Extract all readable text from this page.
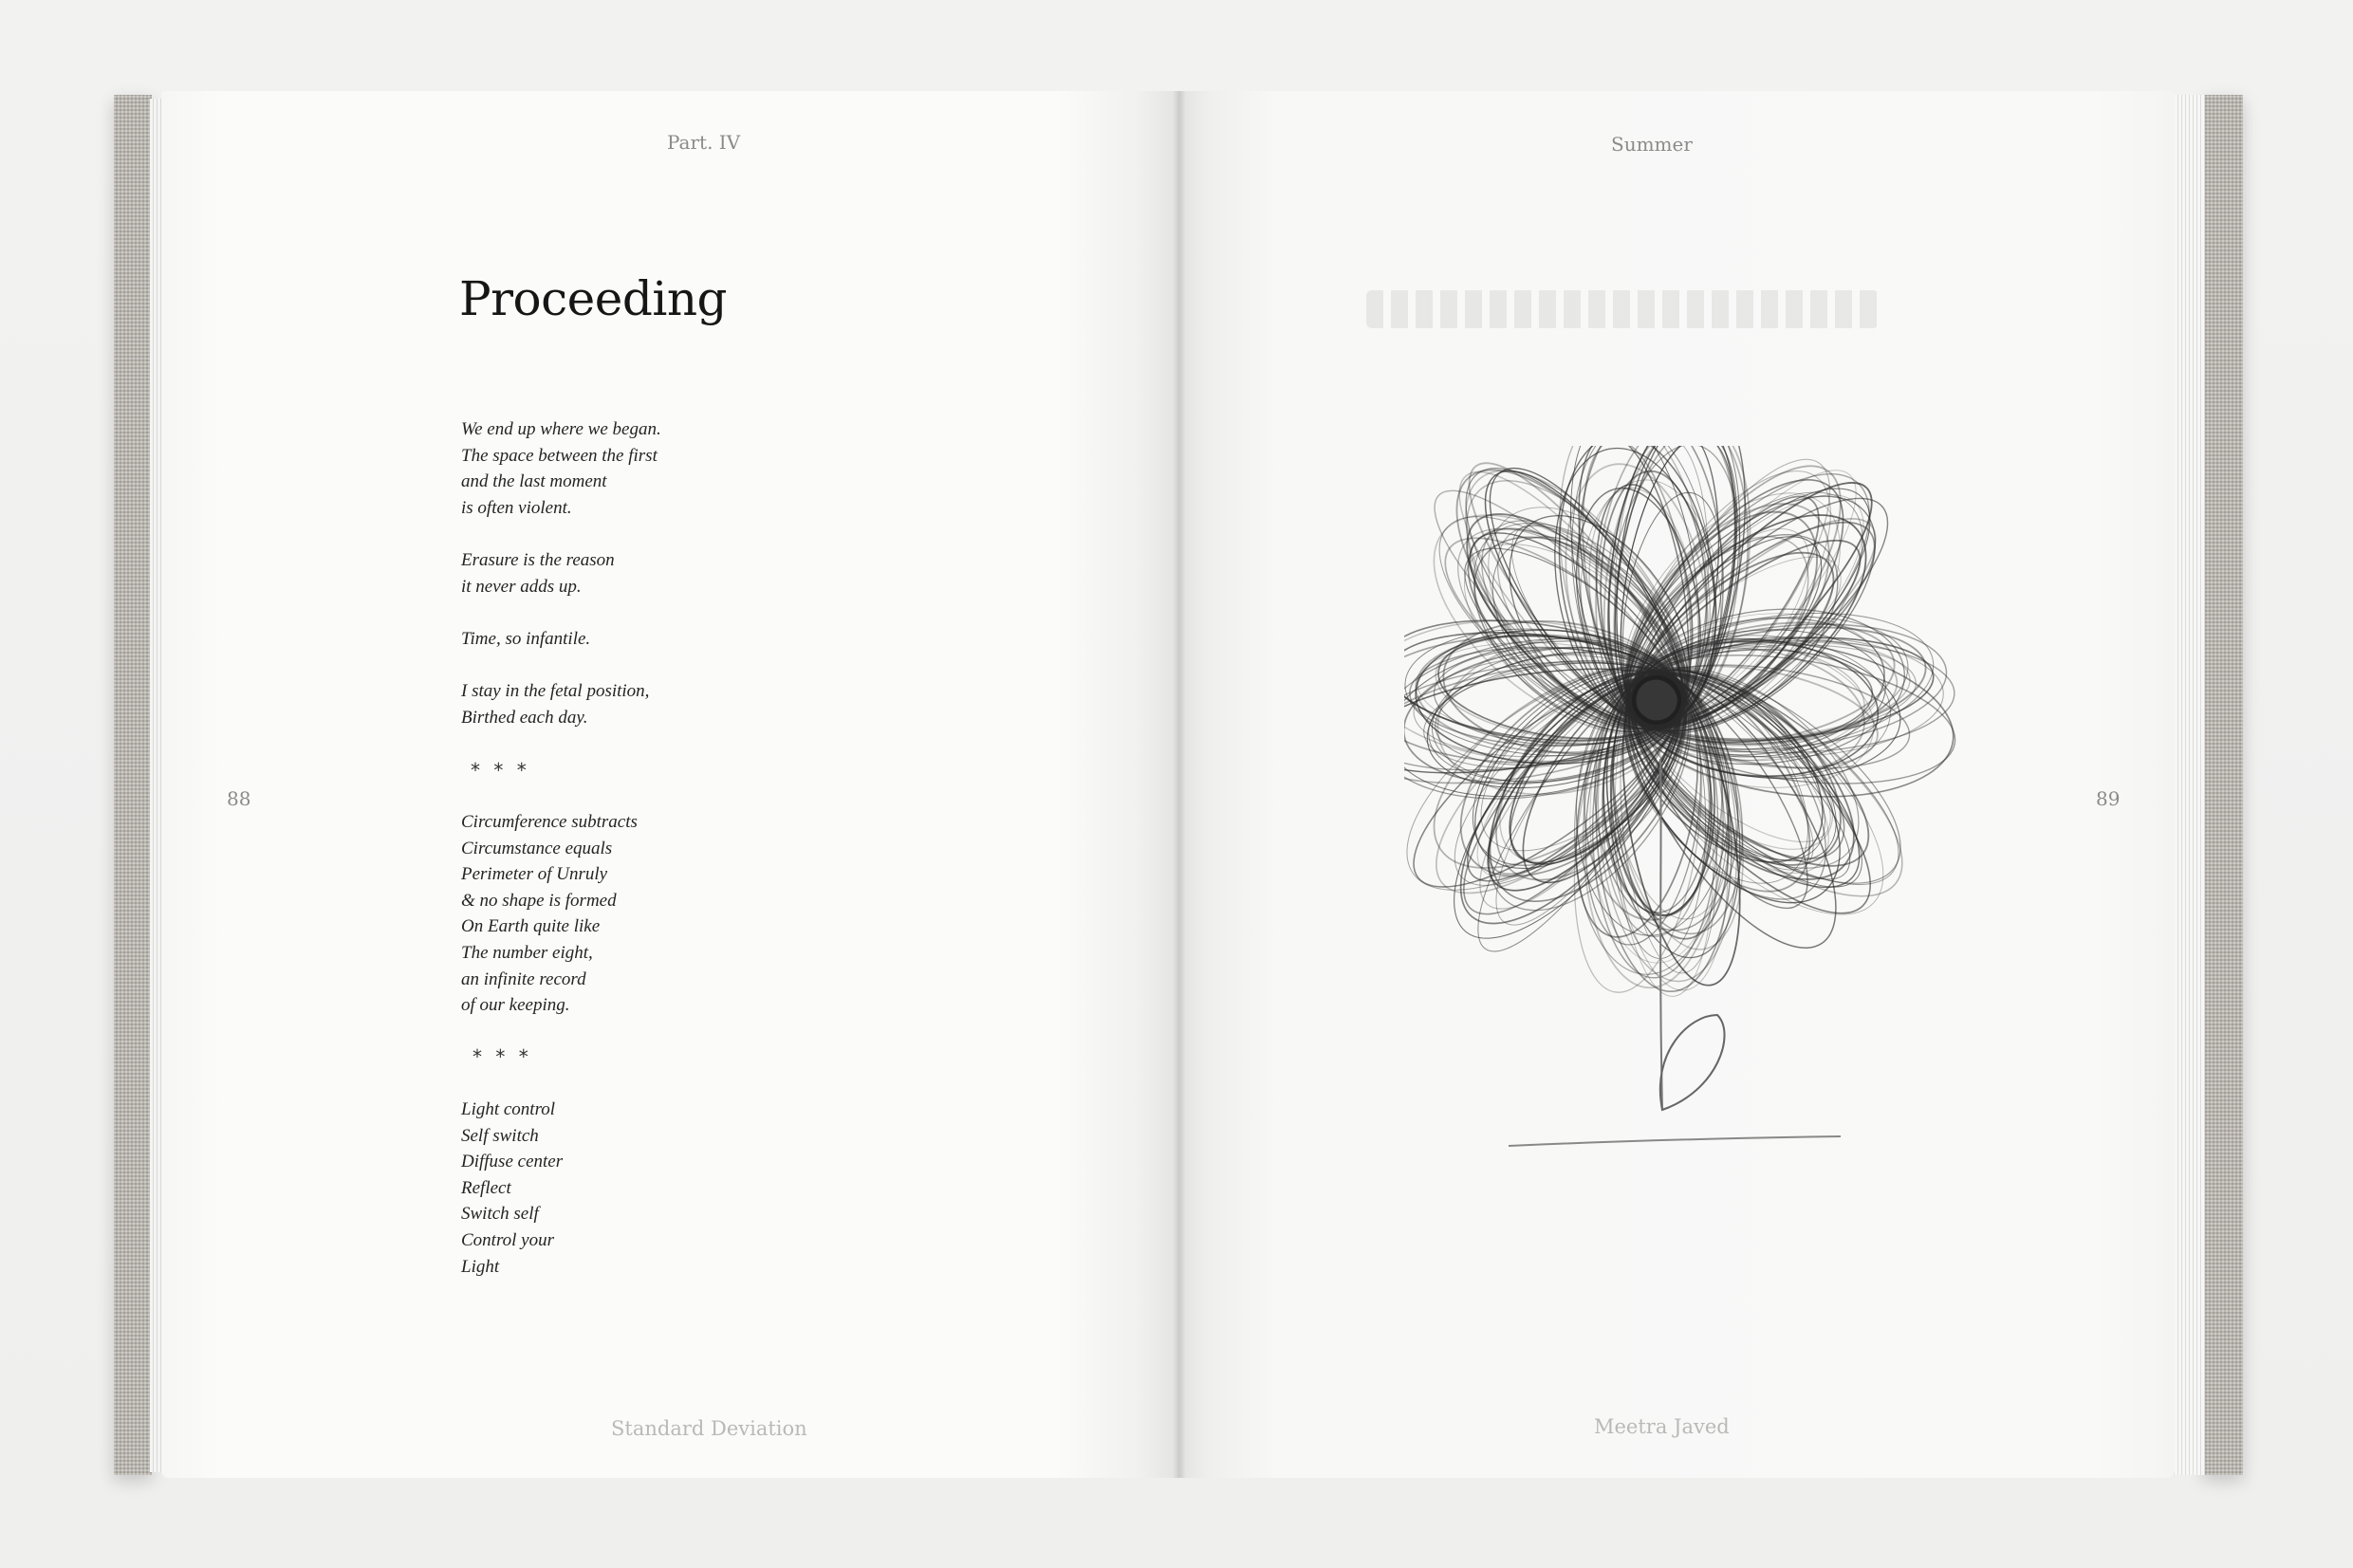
Part. IV
88
Proceeding
We end up where we began.
The space between the first
and the last moment
is often violent.
Erasure is the reason
it never adds up.
Time, so infantile.
I stay in the fetal position,
Birthed each day.
* * *
Circumference subtracts
Circumstance equals
Perimeter of Unruly
& no shape is formed
On Earth quite like
The number eight,
an infinite record
of our keeping.
* * *
Light control
Self switch
Diffuse center
Reflect
Switch self
Control your
Light
Standard Deviation
Summer
89
Meetra Javed
